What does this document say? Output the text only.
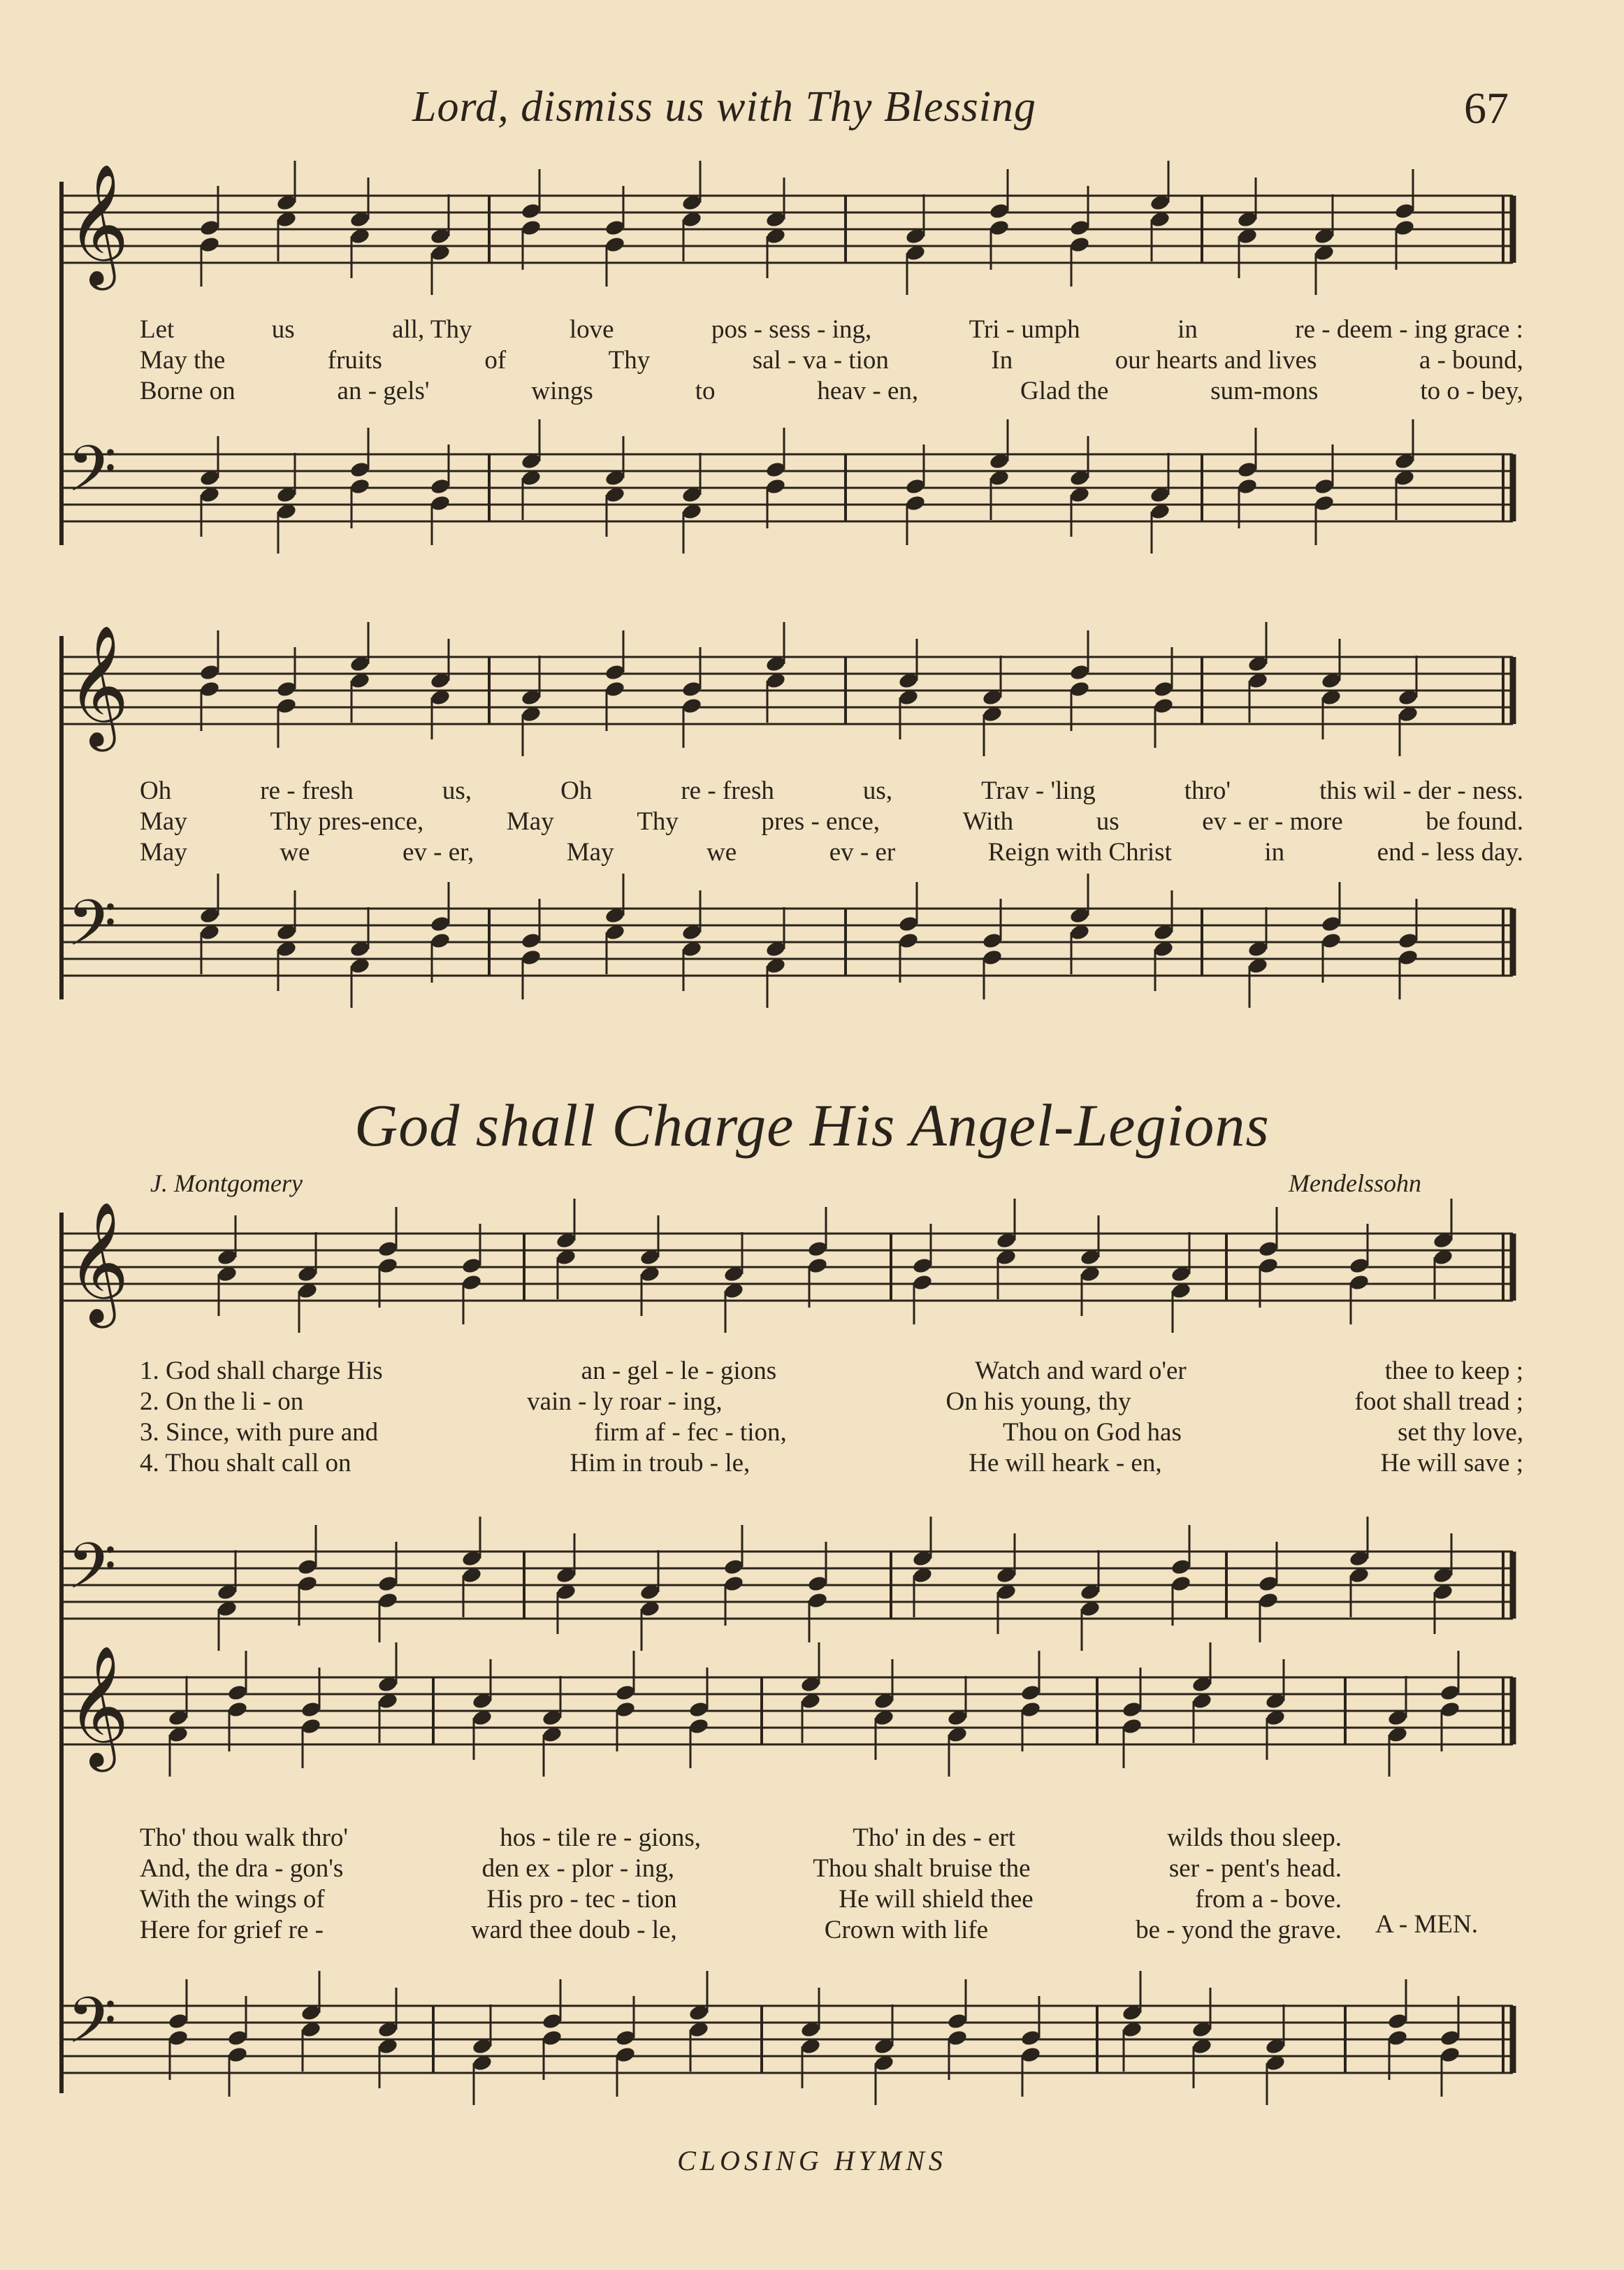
Lord, dismiss us with Thy Blessing	67
𝄞
𝄢
𝄞
𝄢
𝄞
𝄢
𝄞
𝄢
Let	us	all, Thy	love	pos - sess - ing,	Tri - umph	in	re - deem - ing grace :
May the	fruits	of	Thy	sal - va - tion	In	our hearts and lives	a - bound,
Borne on	an - gels'	wings	to	heav - en,	Glad the	sum-mons	to o - bey,
Oh	re - fresh	us,	Oh	re - fresh	us,	Trav - 'ling	thro'	this wil - der - ness.
May	Thy pres-ence,	May	Thy	pres - ence,	With	us	ev - er - more	be found.
May	we	ev - er,	May	we	ev - er	Reign with Christ	in	end - less day.
God shall Charge His Angel-Legions
J. Montgomery	Mendelssohn
1. God shall charge His	an - gel - le - gions	Watch and ward o'er	thee to keep ;
2. On the li - on	vain - ly roar - ing,	On his young, thy	foot shall tread ;
3. Since, with pure and	firm af - fec - tion,	Thou on God has	set thy love,
4. Thou shalt call on	Him in troub - le,	He will heark - en,	He will save ;
Tho' thou walk thro'	hos - tile re - gions,	Tho' in des - ert	wilds thou sleep.
And, the dra - gon's	den ex - plor - ing,	Thou shalt bruise the	ser - pent's head.
With the wings of	His pro - tec - tion	He will shield thee	from a - bove.
Here for grief re -	ward thee doub - le,	Crown with life	be - yond the grave. A - MEN.
CLOSING HYMNS
